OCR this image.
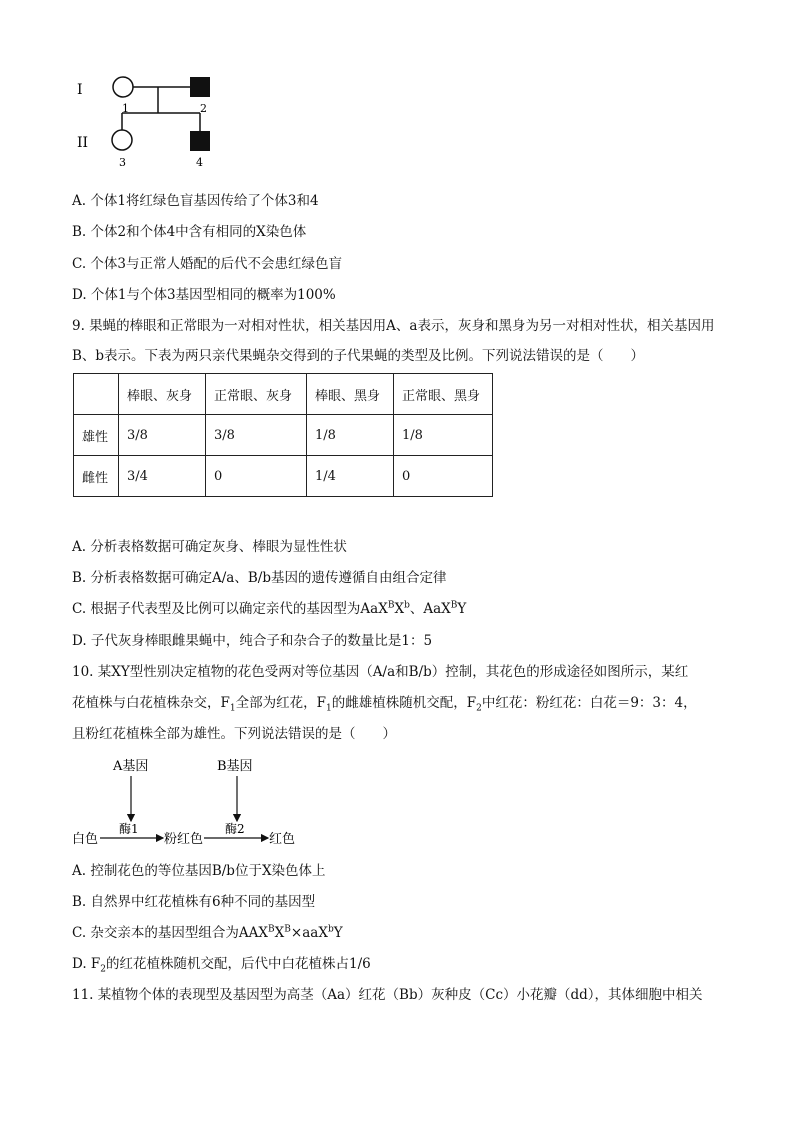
I
II
1	2
3	4
A. 个体1将红绿色盲基因传给了个体3和4
B. 个体2和个体4中含有相同的X染色体
C. 个体3与正常人婚配的后代不会患红绿色盲
D. 个体1与个体3基因型相同的概率为100%
9. 果蝇的棒眼和正常眼为一对相对性状，相关基因用A、a表示，灰身和黑身为另一对相对性状，相关基因用B、b表示。下表为两只亲代果蝇杂交得到的子代果蝇的类型及比例。下列说法错误的是（　　）
	棒眼、灰身	正常眼、灰身	棒眼、黑身	正常眼、黑身
雄性	3/8	3/8	1/8	1/8
雌性	3/4	0	1/4	0
A. 分析表格数据可确定灰身、棒眼为显性性状
B. 分析表格数据可确定A/a、B/b基因的遗传遵循自由组合定律
C. 根据子代表型及比例可以确定亲代的基因型为$AaX^BX^b$、AaX$^B$Y
D. 子代灰身棒眼雌果蝇中，纯合子和杂合子的数量比是1：5
10. 某XY型性别决定植物的花色受两对等位基因（A/a和B/b）控制，其花色的形成途径如图所示，某红
花植株与白花植株杂交，$F_1$全部为红花，$F_1$的雌雄植株随机交配，$F_2$中红花：粉红花：白花＝9：3：4，
且粉红花植株全部为雄性。下列说法错误的是（　　）
A基因	B基因
酶1	酶2
白色	粉红色	红色
A. 控制花色的等位基因B/b位于X染色体上
B. 自然界中红花植株有6种不同的基因型
C. 杂交亲本的基因型组合为$AAX^BX^B\times aaX^bY$
D. $F_2$的红花植株随机交配，后代中白花植株占1/6
11. 某植物个体的表现型及基因型为高茎（Aa）红花（Bb）灰种皮（Cc）小花瓣（dd），其体细胞中相关
